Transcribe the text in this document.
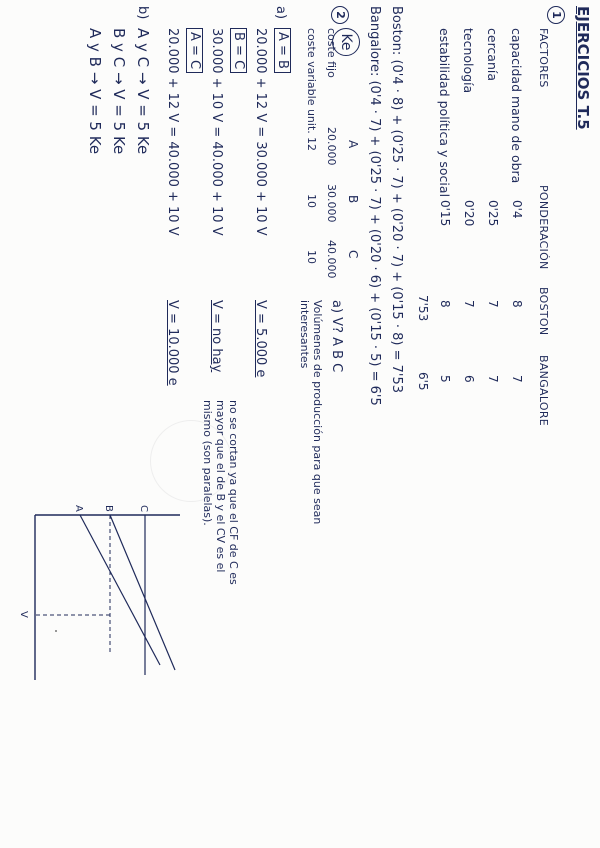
EJERCICIOS T.5
1
FACTORES
PONDERACIÓN
BOSTON
BANGALORE
capacidad mano de obra
0'4
8
7
cercanía
0'25
7
7
tecnología
0'20
7
6
estabilidad política y social
0'15
8
5
7'53
6'5
Boston: (0'4 · 8) + (0'25 · 7) + (0'20 · 7) + (0'15 · 8) = 7'53
Bangalore: (0'4 · 7) + (0'25 · 7) + (0'20 · 6) + (0'15 · 5) = 6'5
2
Ke
A
B
C
coste fijo
20.000
30.000
40.000
coste variable unit.
12
10
10
a) V? A B C
Volúmenes de producción para que sean interesantes
a)
A = B
20.000 + 12 V = 30.000 + 10 V
V = 5.000 e
B = C
30.000 + 10 V = 40.000 + 10 V
V = no hay
no se cortan ya que el CF de C es mayor que el de B y el CV es el mismo (son paralelas).
A = C
20.000 + 12 V = 40.000 + 10 V
V = 10.000 e
b)
A y C → V = 5 Ke
B y C → V = 5 Ke
A y B → V = 5 Ke
C
B
A
V
